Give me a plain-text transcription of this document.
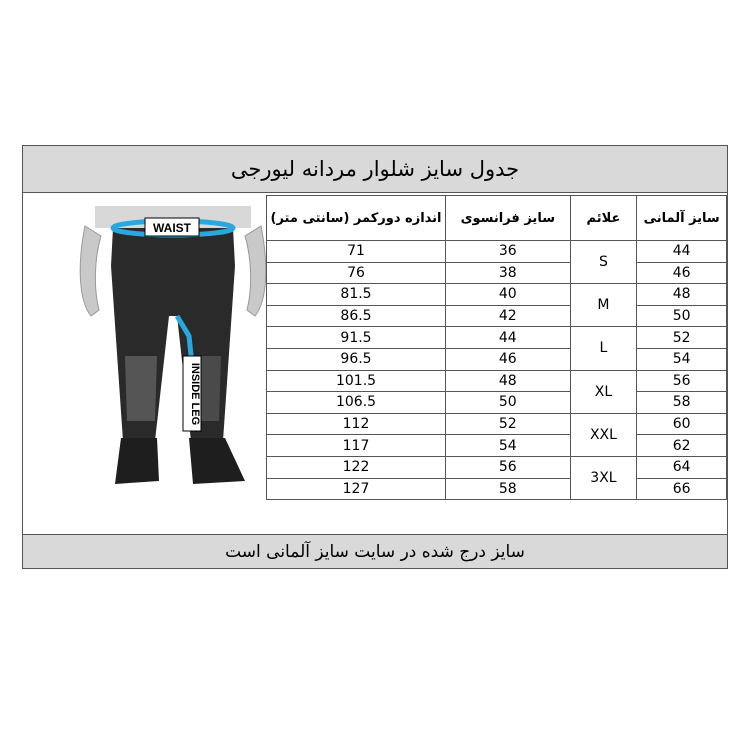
جدول سایز شلوار مردانه لیورجی
WAIST
INSIDE LEG
اندازه دورکمر (سانتی متر)	سایز فرانسوی	علائم	سایز آلمانی
71	36	S	44
76	38		46
81.5	40	M	48
86.5	42		50
91.5	44	L	52
96.5	46		54
101.5	48	XL	56
106.5	50		58
112	52	XXL	60
117	54		62
122	56	3XL	64
127	58		66
سایز درج شده در سایت سایز آلمانی است
